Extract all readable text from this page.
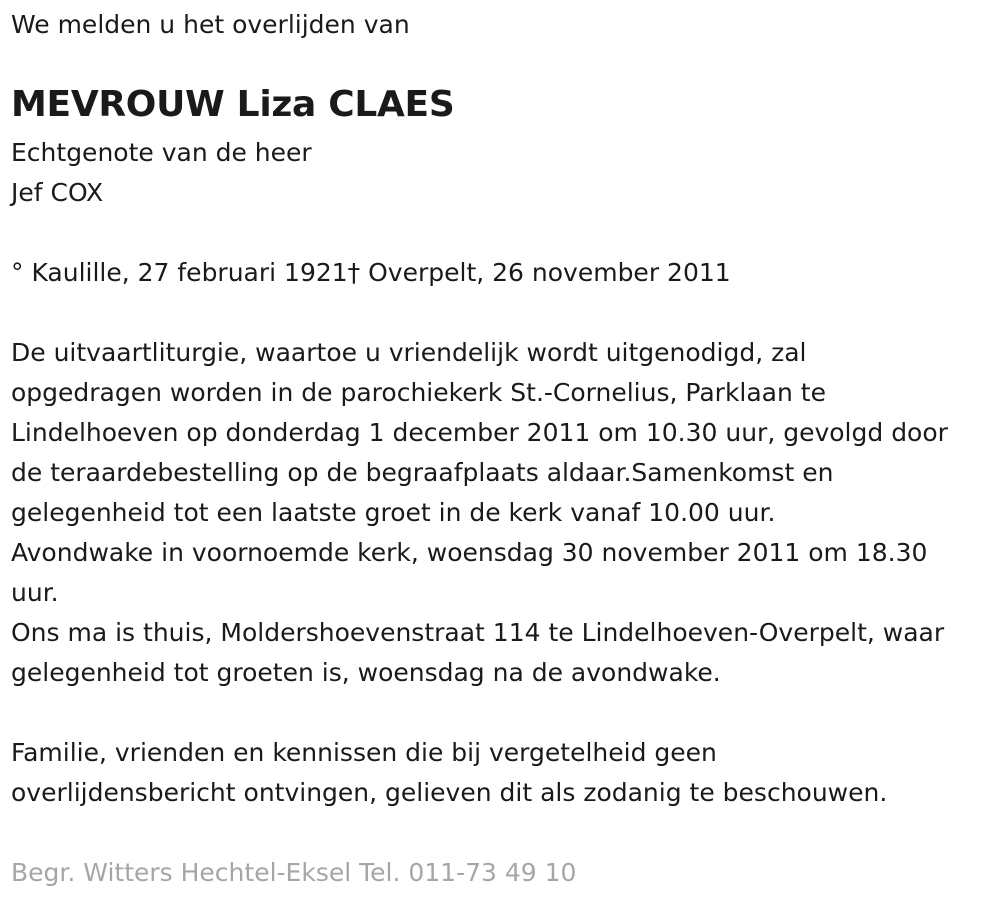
We melden u het overlijden van
MEVROUW Liza CLAES
Echtgenote van de heer
Jef COX
° Kaulille, 27 februari 1921† Overpelt, 26 november 2011
De uitvaartliturgie, waartoe u vriendelijk wordt uitgenodigd, zal
opgedragen worden in de parochiekerk St.-Cornelius, Parklaan te
Lindelhoeven op donderdag 1 december 2011 om 10.30 uur, gevolgd door
de teraardebestelling op de begraafplaats aldaar.Samenkomst en
gelegenheid tot een laatste groet in de kerk vanaf 10.00 uur.
Avondwake in voornoemde kerk, woensdag 30 november 2011 om 18.30
uur.
Ons ma is thuis, Moldershoevenstraat 114 te Lindelhoeven-Overpelt, waar
gelegenheid tot groeten is, woensdag na de avondwake.
Familie, vrienden en kennissen die bij vergetelheid geen
overlijdensbericht ontvingen, gelieven dit als zodanig te beschouwen.
Begr. Witters Hechtel-Eksel Tel. 011-73 49 10
